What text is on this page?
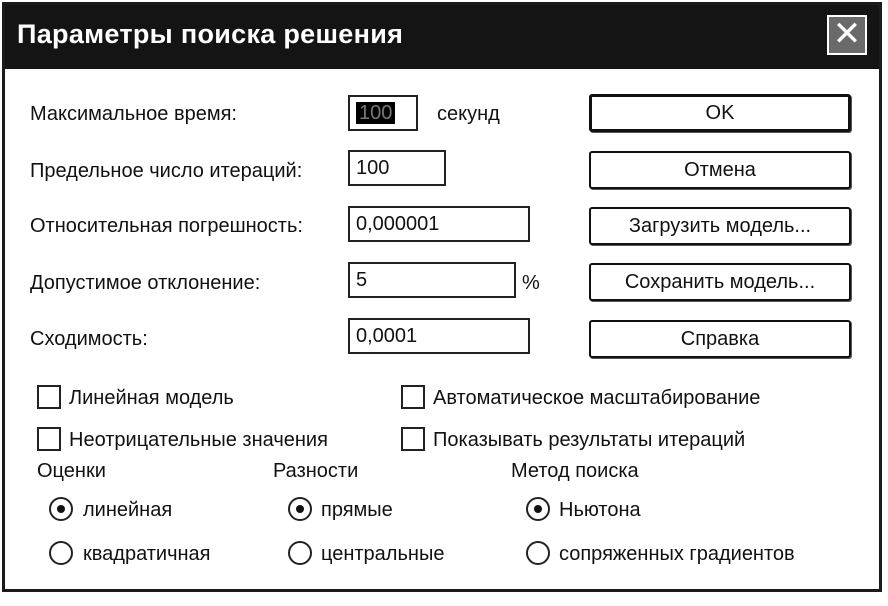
Параметры поиска решения	✕
Максимальное время:	100	секунд
Предельное число итераций:	100
Относительная погрешность:	0,000001
Допустимое отклонение:	5	%
Сходимость:	0,0001
OK
Отмена
Загрузить модель...
Сохранить модель...
Справка
Линейная модель	Автоматическое масштабирование
Неотрицательные значения	Показывать результаты итераций
Оценки
линейная
квадратичная
Разности
прямые
центральные
Метод поиска
Ньютона
сопряженных градиентов
